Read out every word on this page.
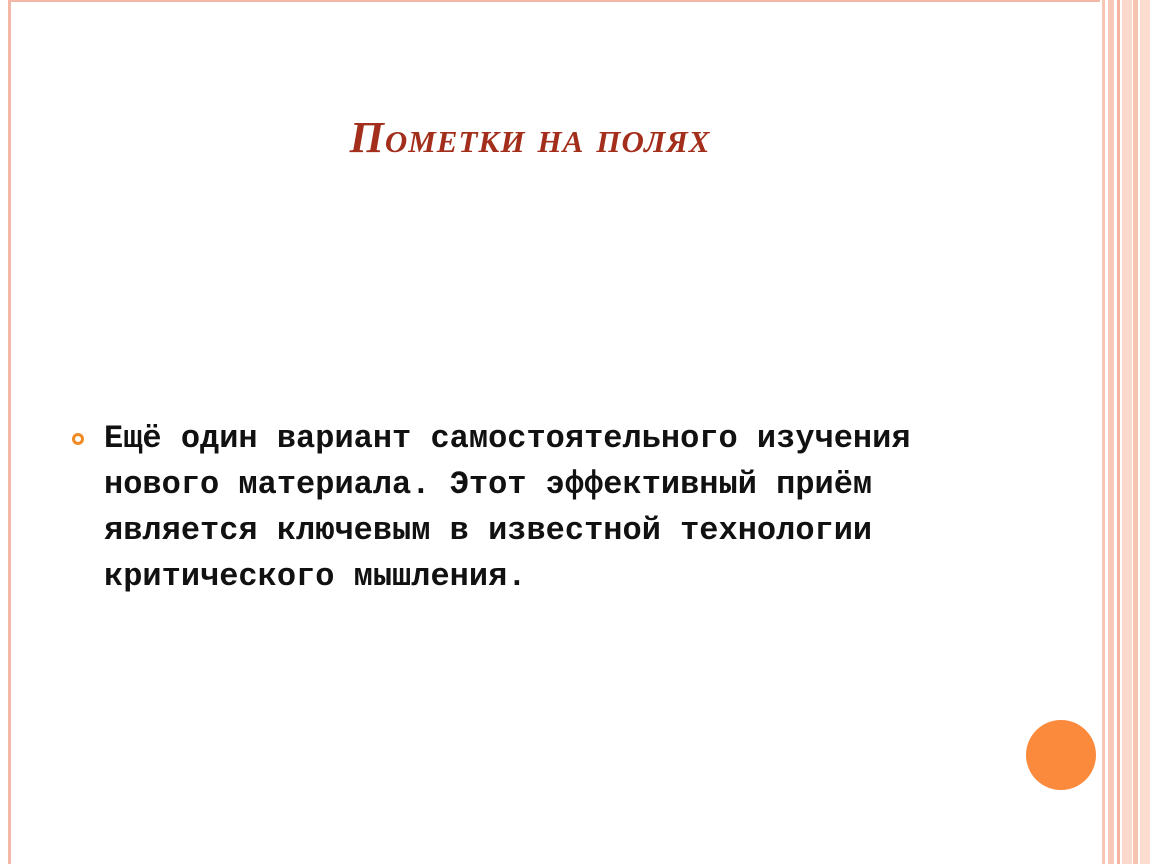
Пометки на полях
Ещё один вариант самостоятельного изучения нового материала. Этот эффективный приём является ключевым в известной технологии критического мышления.
